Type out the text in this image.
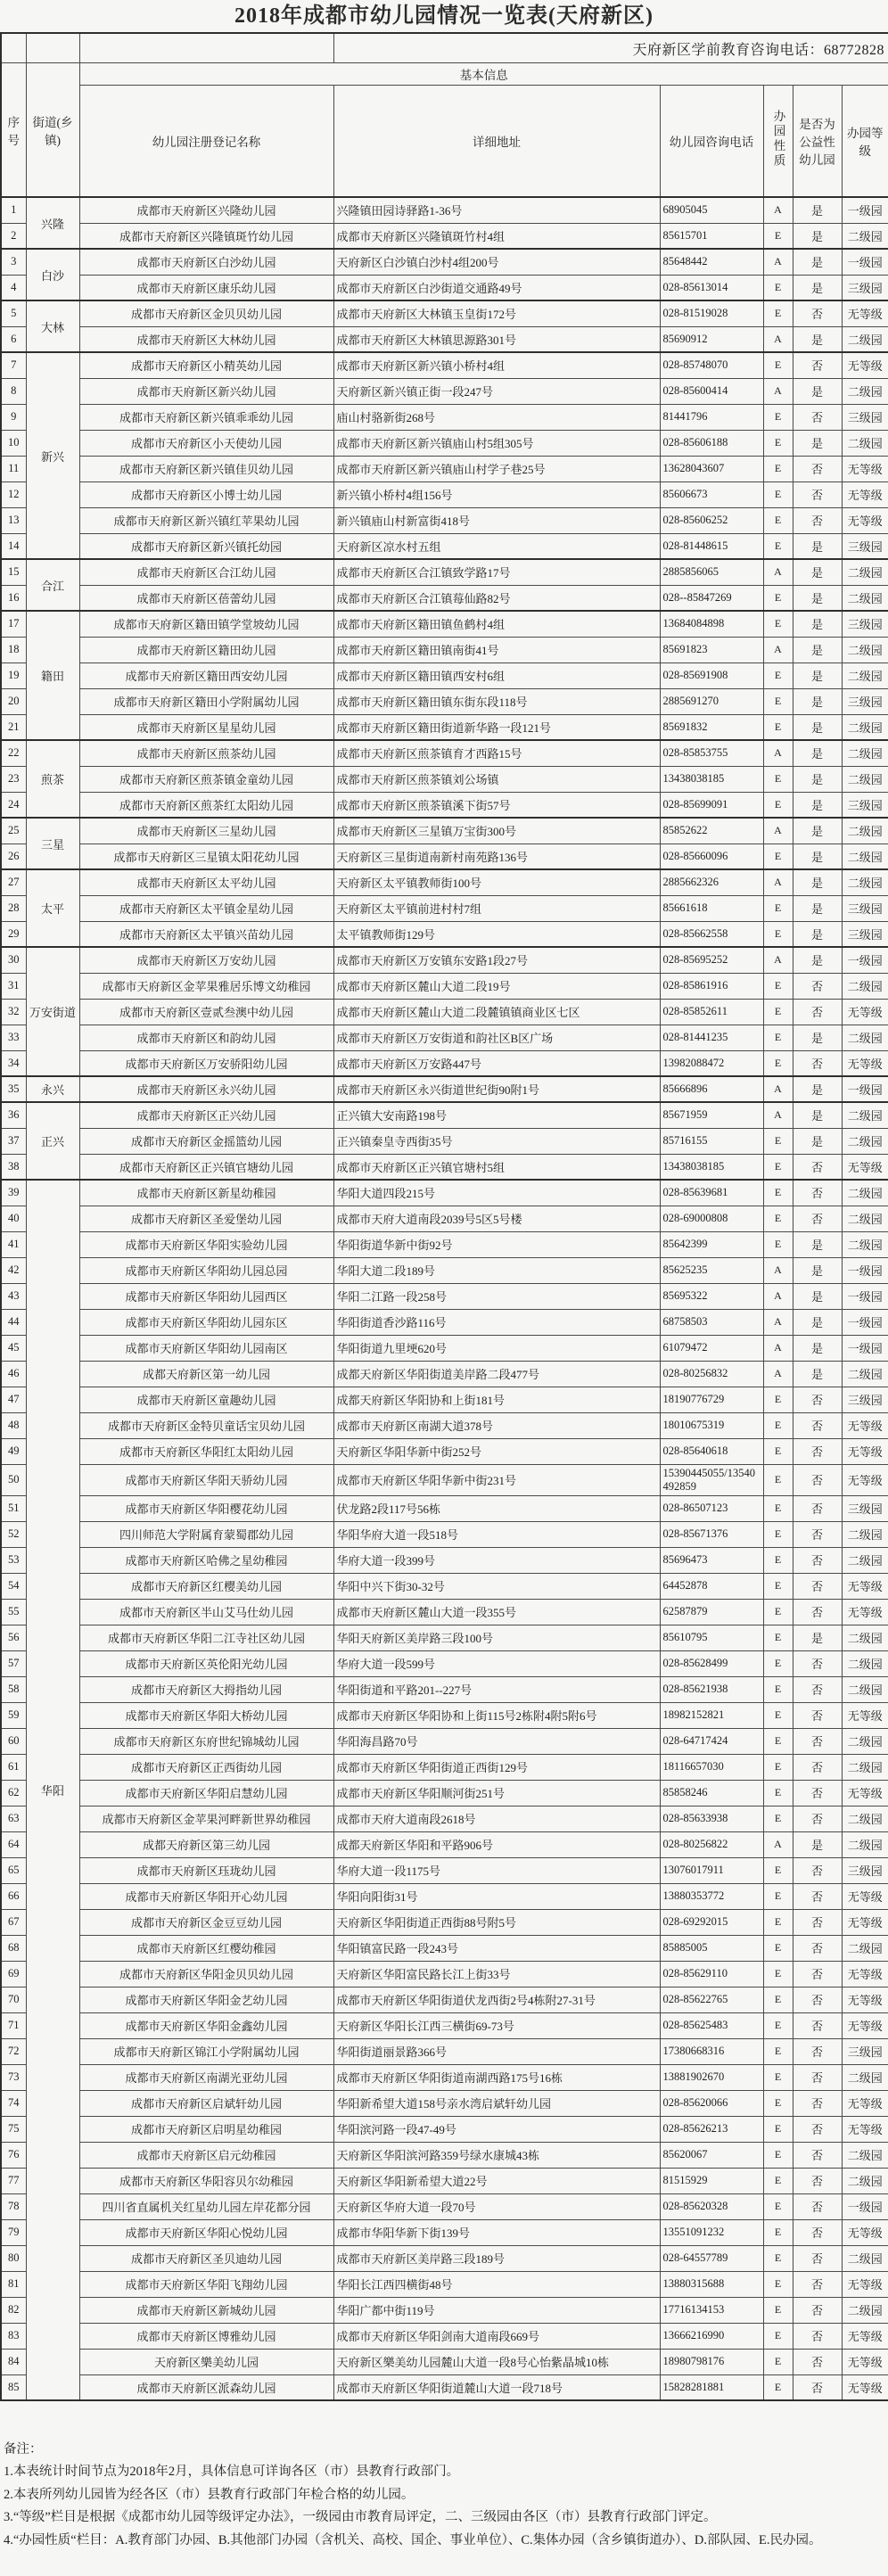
2018年成都市幼儿园情况一览表(天府新区)
			天府新区学前教育咨询电话：68772828				
序号	街道(乡镇)	基本信息					
		幼儿园注册登记名称	详细地址	幼儿园咨询电话	办园性质	是否为公益性幼儿园	办园等级
1	兴隆	成都市天府新区兴隆幼儿园	兴隆镇田园诗驿路1-36号	68905045	A	是	一级园
2		成都市天府新区兴隆镇斑竹幼儿园	成都市天府新区兴隆镇斑竹村4组	85615701	E	是	二级园
3	白沙	成都市天府新区白沙幼儿园	天府新区白沙镇白沙村4组200号	85648442	A	是	一级园
4		成都市天府新区康乐幼儿园	成都市天府新区白沙街道交通路49号	028-85613014	E	是	三级园
5	大林	成都市天府新区金贝贝幼儿园	成都市天府新区大林镇玉皇街172号	028-81519028	E	否	无等级
6		成都市天府新区大林幼儿园	成都市天府新区大林镇思源路301号	85690912	A	是	二级园
7	新兴	成都市天府新区小精英幼儿园	成都市天府新区新兴镇小桥村4组	028-85748070	E	否	无等级
8		成都市天府新区新兴幼儿园	天府新区新兴镇正街一段247号	028-85600414	A	是	二级园
9		成都市天府新区新兴镇乖乖幼儿园	庙山村骆新街268号	81441796	E	否	三级园
10		成都市天府新区小天使幼儿园	成都市天府新区新兴镇庙山村5组305号	028-85606188	E	是	二级园
11		成都市天府新区新兴镇佳贝幼儿园	成都市天府新区新兴镇庙山村学子巷25号	13628043607	E	否	无等级
12		成都市天府新区小博士幼儿园	新兴镇小桥村4组156号	85606673	E	否	无等级
13		成都市天府新区新兴镇红苹果幼儿园	新兴镇庙山村新富街418号	028-85606252	E	否	无等级
14		成都市天府新区新兴镇托幼园	天府新区凉水村五组	028-81448615	E	是	三级园
15	合江	成都市天府新区合江幼儿园	成都市天府新区合江镇致学路17号	2885856065	A	是	二级园
16		成都市天府新区蓓蕾幼儿园	成都市天府新区合江镇莓仙路82号	028--85847269	E	是	二级园
17	籍田	成都市天府新区籍田镇学堂坡幼儿园	成都市天府新区籍田镇鱼鹤村4组	13684084898	E	是	三级园
18		成都市天府新区籍田幼儿园	成都市天府新区籍田镇南街41号	85691823	A	是	二级园
19		成都市天府新区籍田西安幼儿园	成都市天府新区籍田镇西安村6组	028-85691908	E	是	二级园
20		成都市天府新区籍田小学附属幼儿园	成都市天府新区籍田镇东街东段118号	2885691270	E	是	三级园
21		成都市天府新区星星幼儿园	成都市天府新区籍田街道新华路一段121号	85691832	E	是	二级园
22	煎茶	成都市天府新区煎茶幼儿园	成都市天府新区煎茶镇育才西路15号	028-85853755	A	是	二级园
23		成都市天府新区煎茶镇金童幼儿园	成都市天府新区煎茶镇刘公场镇	13438038185	E	是	二级园
24		成都市天府新区煎茶红太阳幼儿园	成都市天府新区煎茶镇溪下街57号	028-85699091	E	是	三级园
25	三星	成都市天府新区三星幼儿园	成都市天府新区三星镇万宝街300号	85852622	A	是	二级园
26		成都市天府新区三星镇太阳花幼儿园	天府新区三星街道南新村南苑路136号	028-85660096	E	是	二级园
27	太平	成都市天府新区太平幼儿园	天府新区太平镇教师街100号	2885662326	A	是	二级园
28		成都市天府新区太平镇金星幼儿园	天府新区太平镇前进村村7组	85661618	E	是	三级园
29		成都市天府新区太平镇兴苗幼儿园	太平镇教师街129号	028-85662558	E	是	三级园
30	万安街道	成都市天府新区万安幼儿园	成都市天府新区万安镇东安路1段27号	028-85695252	A	是	一级园
31		成都市天府新区金苹果雅居乐博文幼稚园	成都市天府新区麓山大道二段19号	028-85861916	E	否	二级园
32		成都市天府新区壹贰叁澳中幼儿园	成都市天府新区麓山大道二段麓镇镇商业区七区	028-85852611	E	否	无等级
33		成都市天府新区和韵幼儿园	成都市天府新区万安街道和韵社区B区广场	028-81441235	E	是	二级园
34		成都市天府新区万安骄阳幼儿园	成都市天府新区万安路447号	13982088472	E	否	无等级
35	永兴	成都市天府新区永兴幼儿园	成都市天府新区永兴街道世纪街90附1号	85666896	A	是	一级园
36	正兴	成都市天府新区正兴幼儿园	正兴镇大安南路198号	85671959	A	是	二级园
37		成都市天府新区金摇篮幼儿园	正兴镇秦皇寺西街35号	85716155	E	是	二级园
38		成都市天府新区正兴镇官塘幼儿园	成都市天府新区正兴镇官塘村5组	13438038185	E	否	无等级
39	华阳	成都市天府新区新星幼稚园	华阳大道四段215号	028-85639681	E	否	二级园
40		成都市天府新区圣爱堡幼儿园	成都市天府大道南段2039号5区5号楼	028-69000808	E	否	二级园
41		成都市天府新区华阳实验幼儿园	华阳街道华新中街92号	85642399	E	是	二级园
42		成都市天府新区华阳幼儿园总园	华阳大道二段189号	85625235	A	是	一级园
43		成都市天府新区华阳幼儿园西区	华阳二江路一段258号	85695322	A	是	一级园
44		成都市天府新区华阳幼儿园东区	华阳街道香沙路116号	68758503	A	是	一级园
45		成都市天府新区华阳幼儿园南区	华阳街道九里埂620号	61079472	A	是	一级园
46		成都天府新区第一幼儿园	成都天府新区华阳街道美岸路二段477号	028-80256832	A	是	二级园
47		成都市天府新区童趣幼儿园	成都天府新区华阳协和上街181号	18190776729	E	否	三级园
48		成都市天府新区金特贝童话宝贝幼儿园	成都市天府新区南湖大道378号	18010675319	E	否	无等级
49		成都市天府新区华阳红太阳幼儿园	天府新区华阳华新中街252号	028-85640618	E	否	无等级
50		成都市天府新区华阳天骄幼儿园	成都市天府新区华阳华新中街231号	15390445055/13540492859	E	否	无等级
51		成都市天府新区华阳樱花幼儿园	伏龙路2段117号56栋	028-86507123	E	否	三级园
52		四川师范大学附属育蒙蜀郡幼儿园	华阳华府大道一段518号	028-85671376	E	否	二级园
53		成都市天府新区哈佛之星幼稚园	华府大道一段399号	85696473	E	否	二级园
54		成都市天府新区红樱美幼儿园	华阳中兴下街30-32号	64452878	E	否	无等级
55		成都市天府新区半山艾马仕幼儿园	成都市天府新区麓山大道一段355号	62587879	E	否	无等级
56		成都市天府新区华阳二江寺社区幼儿园	华阳天府新区美岸路三段100号	85610795	E	是	二级园
57		成都市天府新区英伦阳光幼儿园	华府大道一段599号	028-85628499	E	否	二级园
58		成都市天府新区大拇指幼儿园	华阳街道和平路201--227号	028-85621938	E	否	二级园
59		成都市天府新区华阳大桥幼儿园	成都市天府新区华阳协和上街115号2栋附4附5附6号	18982152821	E	否	无等级
60		成都市天府新区东府世纪锦城幼儿园	华阳海昌路70号	028-64717424	E	否	二级园
61		成都市天府新区正西街幼儿园	成都市天府新区华阳街道正西街129号	18116657030	E	否	二级园
62		成都市天府新区华阳启慧幼儿园	成都市天府新区华阳顺河街251号	85858246	E	否	无等级
63		成都市天府新区金苹果河畔新世界幼稚园	成都市天府大道南段2618号	028-85633938	E	否	二级园
64		成都天府新区第三幼儿园	成都天府新区华阳和平路906号	028-80256822	A	是	二级园
65		成都市天府新区珏珑幼儿园	华府大道一段1175号	13076017911	E	否	三级园
66		成都市天府新区华阳开心幼儿园	华阳向阳街31号	13880353772	E	否	无等级
67		成都市天府新区金豆豆幼儿园	天府新区华阳街道正西街88号附5号	028-69292015	E	否	无等级
68		成都市天府新区红樱幼稚园	华阳镇富民路一段243号	85885005	E	否	二级园
69		成都市天府新区华阳金贝贝幼儿园	天府新区华阳富民路长江上街33号	028-85629110	E	否	无等级
70		成都市天府新区华阳金艺幼儿园	成都市天府新区华阳街道伏龙西街2号4栋附27-31号	028-85622765	E	否	无等级
71		成都市天府新区华阳金鑫幼儿园	天府新区华阳长江西三横街69-73号	028-85625483	E	否	无等级
72		成都市天府新区锦江小学附属幼儿园	华阳街道丽景路366号	17380668316	E	否	三级园
73		成都市天府新区南湖光亚幼儿园	成都市天府新区华阳街道南湖西路175号16栋	13881902670	E	否	二级园
74		成都市天府新区启斌轩幼儿园	华阳新希望大道158号亲水湾启斌轩幼儿园	028-85620066	E	否	无等级
75		成都市天府新区启明星幼稚园	华阳滨河路一段47-49号	028-85626213	E	否	无等级
76		成都市天府新区启元幼稚园	天府新区华阳滨河路359号绿水康城43栋	85620067	E	否	二级园
77		成都市天府新区华阳容贝尔幼稚园	天府新区华阳新希望大道22号	81515929	E	否	二级园
78		四川省直属机关红星幼儿园左岸花都分园	天府新区华府大道一段70号	028-85620328	E	否	一级园
79		成都市天府新区华阳心悦幼儿园	成都市华阳华新下街139号	13551091232	E	否	无等级
80		成都市天府新区圣贝迪幼儿园	成都市天府新区美岸路三段189号	028-64557789	E	否	二级园
81		成都市天府新区华阳飞翔幼儿园	华阳长江西四横街48号	13880315688	E	否	无等级
82		成都市天府新区新城幼儿园	华阳广都中街119号	17716134153	E	否	二级园
83		成都市天府新区博雅幼儿园	成都市天府新区华阳剑南大道南段669号	13666216990	E	否	无等级
84		天府新区樂美幼儿园	天府新区樂美幼儿园麓山大道一段8号心怡紫晶城10栋	18980798176	E	否	无等级
85		成都市天府新区派森幼儿园	成都市天府新区华阳街道麓山大道一段718号	15828281881	E	否	无等级
备注：
1.本表统计时间节点为2018年2月，具体信息可详询各区（市）县教育行政部门。
2.本表所列幼儿园皆为经各区（市）县教育行政部门年检合格的幼儿园。
3.“等级”栏目是根据《成都市幼儿园等级评定办法》，一级园由市教育局评定，二、三级园由各区（市）县教育行政部门评定。
4.“办园性质“栏目：A.教育部门办园、B.其他部门办园（含机关、高校、国企、事业单位）、C.集体办园（含乡镇街道办）、D.部队园、E.民办园。
